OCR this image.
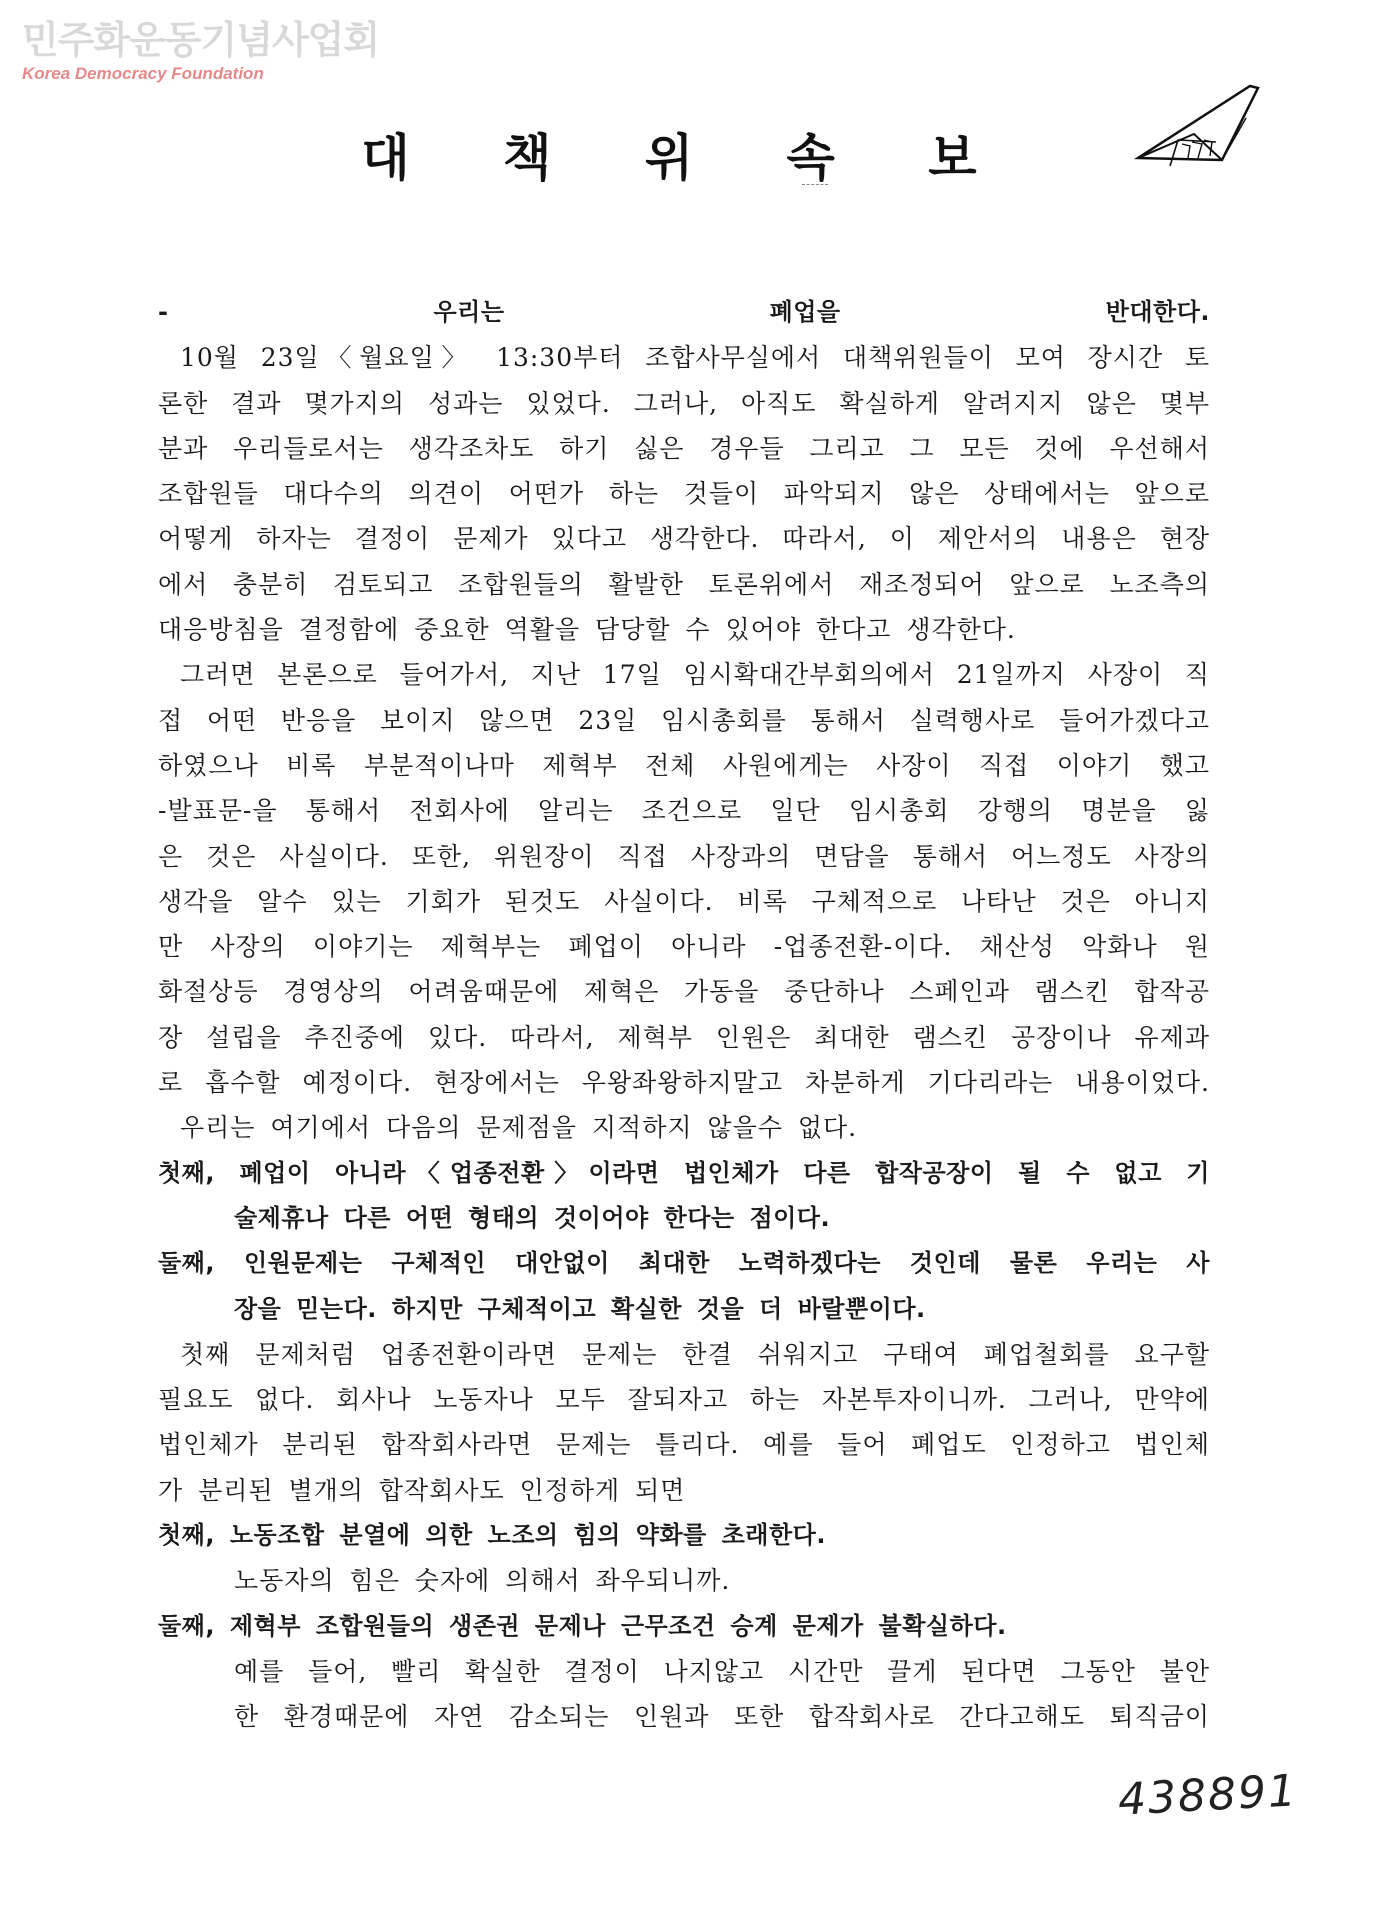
민주화운동기념사업회
Korea Democracy Foundation
대 책 위 속 보
- 우리는 폐업을 반대한다.
10월 23일〈월요일〉 13:30부터 조합사무실에서 대책위원들이 모여 장시간 토
론한 결과 몇가지의 성과는 있었다. 그러나, 아직도 확실하게 알려지지 않은 몇부
분과 우리들로서는 생각조차도 하기 싫은 경우들 그리고 그 모든 것에 우선해서
조합원들 대다수의 의견이 어떤가 하는 것들이 파악되지 않은 상태에서는 앞으로
어떻게 하자는 결정이 문제가 있다고 생각한다. 따라서, 이 제안서의 내용은 현장
에서 충분히 검토되고 조합원들의 활발한 토론위에서 재조정되어 앞으로 노조측의
대응방침을 결정함에 중요한 역활을 담당할 수 있어야 한다고 생각한다.
그러면 본론으로 들어가서, 지난 17일 임시확대간부회의에서 21일까지 사장이 직
접 어떤 반응을 보이지 않으면 23일 임시총회를 통해서 실력행사로 들어가겠다고
하였으나 비록 부분적이나마 제혁부 전체 사원에게는 사장이 직접 이야기 했고
-발표문-을 통해서 전회사에 알리는 조건으로 일단 임시총회 강행의 명분을 잃
은 것은 사실이다. 또한, 위원장이 직접 사장과의 면담을 통해서 어느정도 사장의
생각을 알수 있는 기회가 된것도 사실이다. 비록 구체적으로 나타난 것은 아니지
만 사장의 이야기는 제혁부는 폐업이 아니라 -업종전환-이다. 채산성 악화나 원
화절상등 경영상의 어려움때문에 제혁은 가동을 중단하나 스페인과 램스킨 합작공
장 설립을 추진중에 있다. 따라서, 제혁부 인원은 최대한 램스킨 공장이나 유제과
로 흡수할 예정이다. 현장에서는 우왕좌왕하지말고 차분하게 기다리라는 내용이었다.
우리는 여기에서 다음의 문제점을 지적하지 않을수 없다.
첫째, 폐업이 아니라〈업종전환〉이라면 법인체가 다른 합작공장이 될 수 없고 기
술제휴나 다른 어떤 형태의 것이어야 한다는 점이다.
둘째, 인원문제는 구체적인 대안없이 최대한 노력하겠다는 것인데 물론 우리는 사
장을 믿는다. 하지만 구체적이고 확실한 것을 더 바랄뿐이다.
첫째 문제처럼 업종전환이라면 문제는 한결 쉬워지고 구태여 폐업철회를 요구할
필요도 없다. 회사나 노동자나 모두 잘되자고 하는 자본투자이니까. 그러나, 만약에
법인체가 분리된 합작회사라면 문제는 틀리다. 예를 들어 폐업도 인정하고 법인체
가 분리된 별개의 합작회사도 인정하게 되면
첫째, 노동조합 분열에 의한 노조의 힘의 약화를 초래한다.
노동자의 힘은 숫자에 의해서 좌우되니까.
둘째, 제혁부 조합원들의 생존권 문제나 근무조건 승계 문제가 불확실하다.
예를 들어, 빨리 확실한 결정이 나지않고 시간만 끌게 된다면 그동안 불안
한 환경때문에 자연 감소되는 인원과 또한 합작회사로 간다고해도 퇴직금이
438891
